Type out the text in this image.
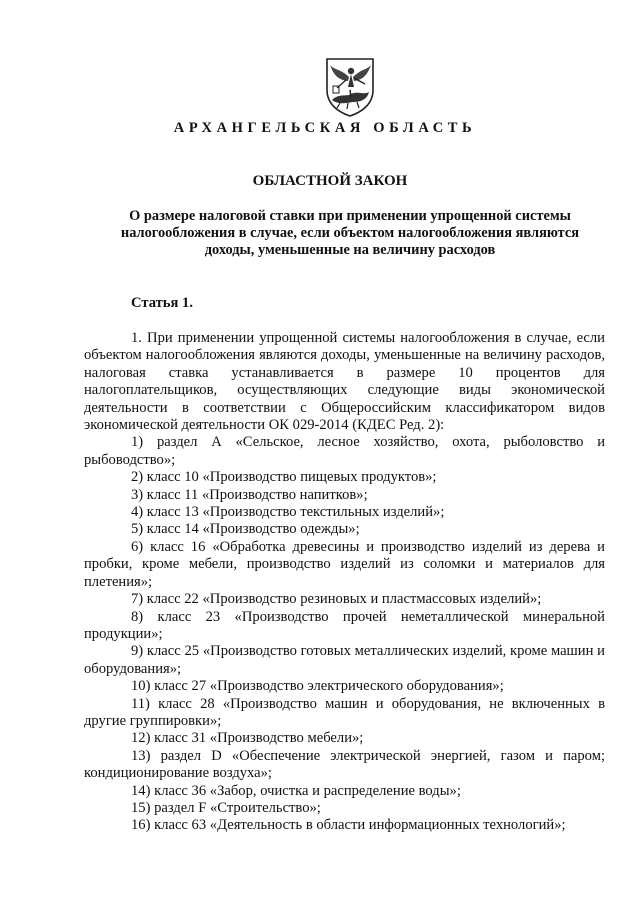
АРХАНГЕЛЬСКАЯ ОБЛАСТЬ
ОБЛАСТНОЙ ЗАКОН
О размере налоговой ставки при применении упрощенной системы
налогообложения в случае, если объектом налогообложения являются
доходы, уменьшенные на величину расходов
Статья 1.

1. При применении упрощенной системы налогообложения в случае, если объектом налогообложения являются доходы, уменьшенные на величину расходов, налоговая ставка устанавливается в размере 10 процентов для налогоплательщиков, осуществляющих следующие виды экономической деятельности в соответствии с Общероссийским классификатором видов экономической деятельности ОК 029-2014 (КДЕС Ред. 2):

1) раздел А «Сельское, лесное хозяйство, охота, рыболовство и рыбоводство»;

2) класс 10 «Производство пищевых продуктов»;

3) класс 11 «Производство напитков»;

4) класс 13 «Производство текстильных изделий»;

5) класс 14 «Производство одежды»;

6) класс 16 «Обработка древесины и производство изделий из дерева и пробки, кроме мебели, производство изделий из соломки и материалов для плетения»;

7) класс 22 «Производство резиновых и пластмассовых изделий»;

8) класс 23 «Производство прочей неметаллической минеральной продукции»;

9) класс 25 «Производство готовых металлических изделий, кроме машин и оборудования»;

10) класс 27 «Производство электрического оборудования»;

11) класс 28 «Производство машин и оборудования, не включенных в другие группировки»;

12) класс 31 «Производство мебели»;

13) раздел D «Обеспечение электрической энергией, газом и паром; кондиционирование воздуха»;

14) класс 36 «Забор, очистка и распределение воды»;

15) раздел F «Строительство»;

16) класс 63 «Деятельность в области информационных технологий»;
